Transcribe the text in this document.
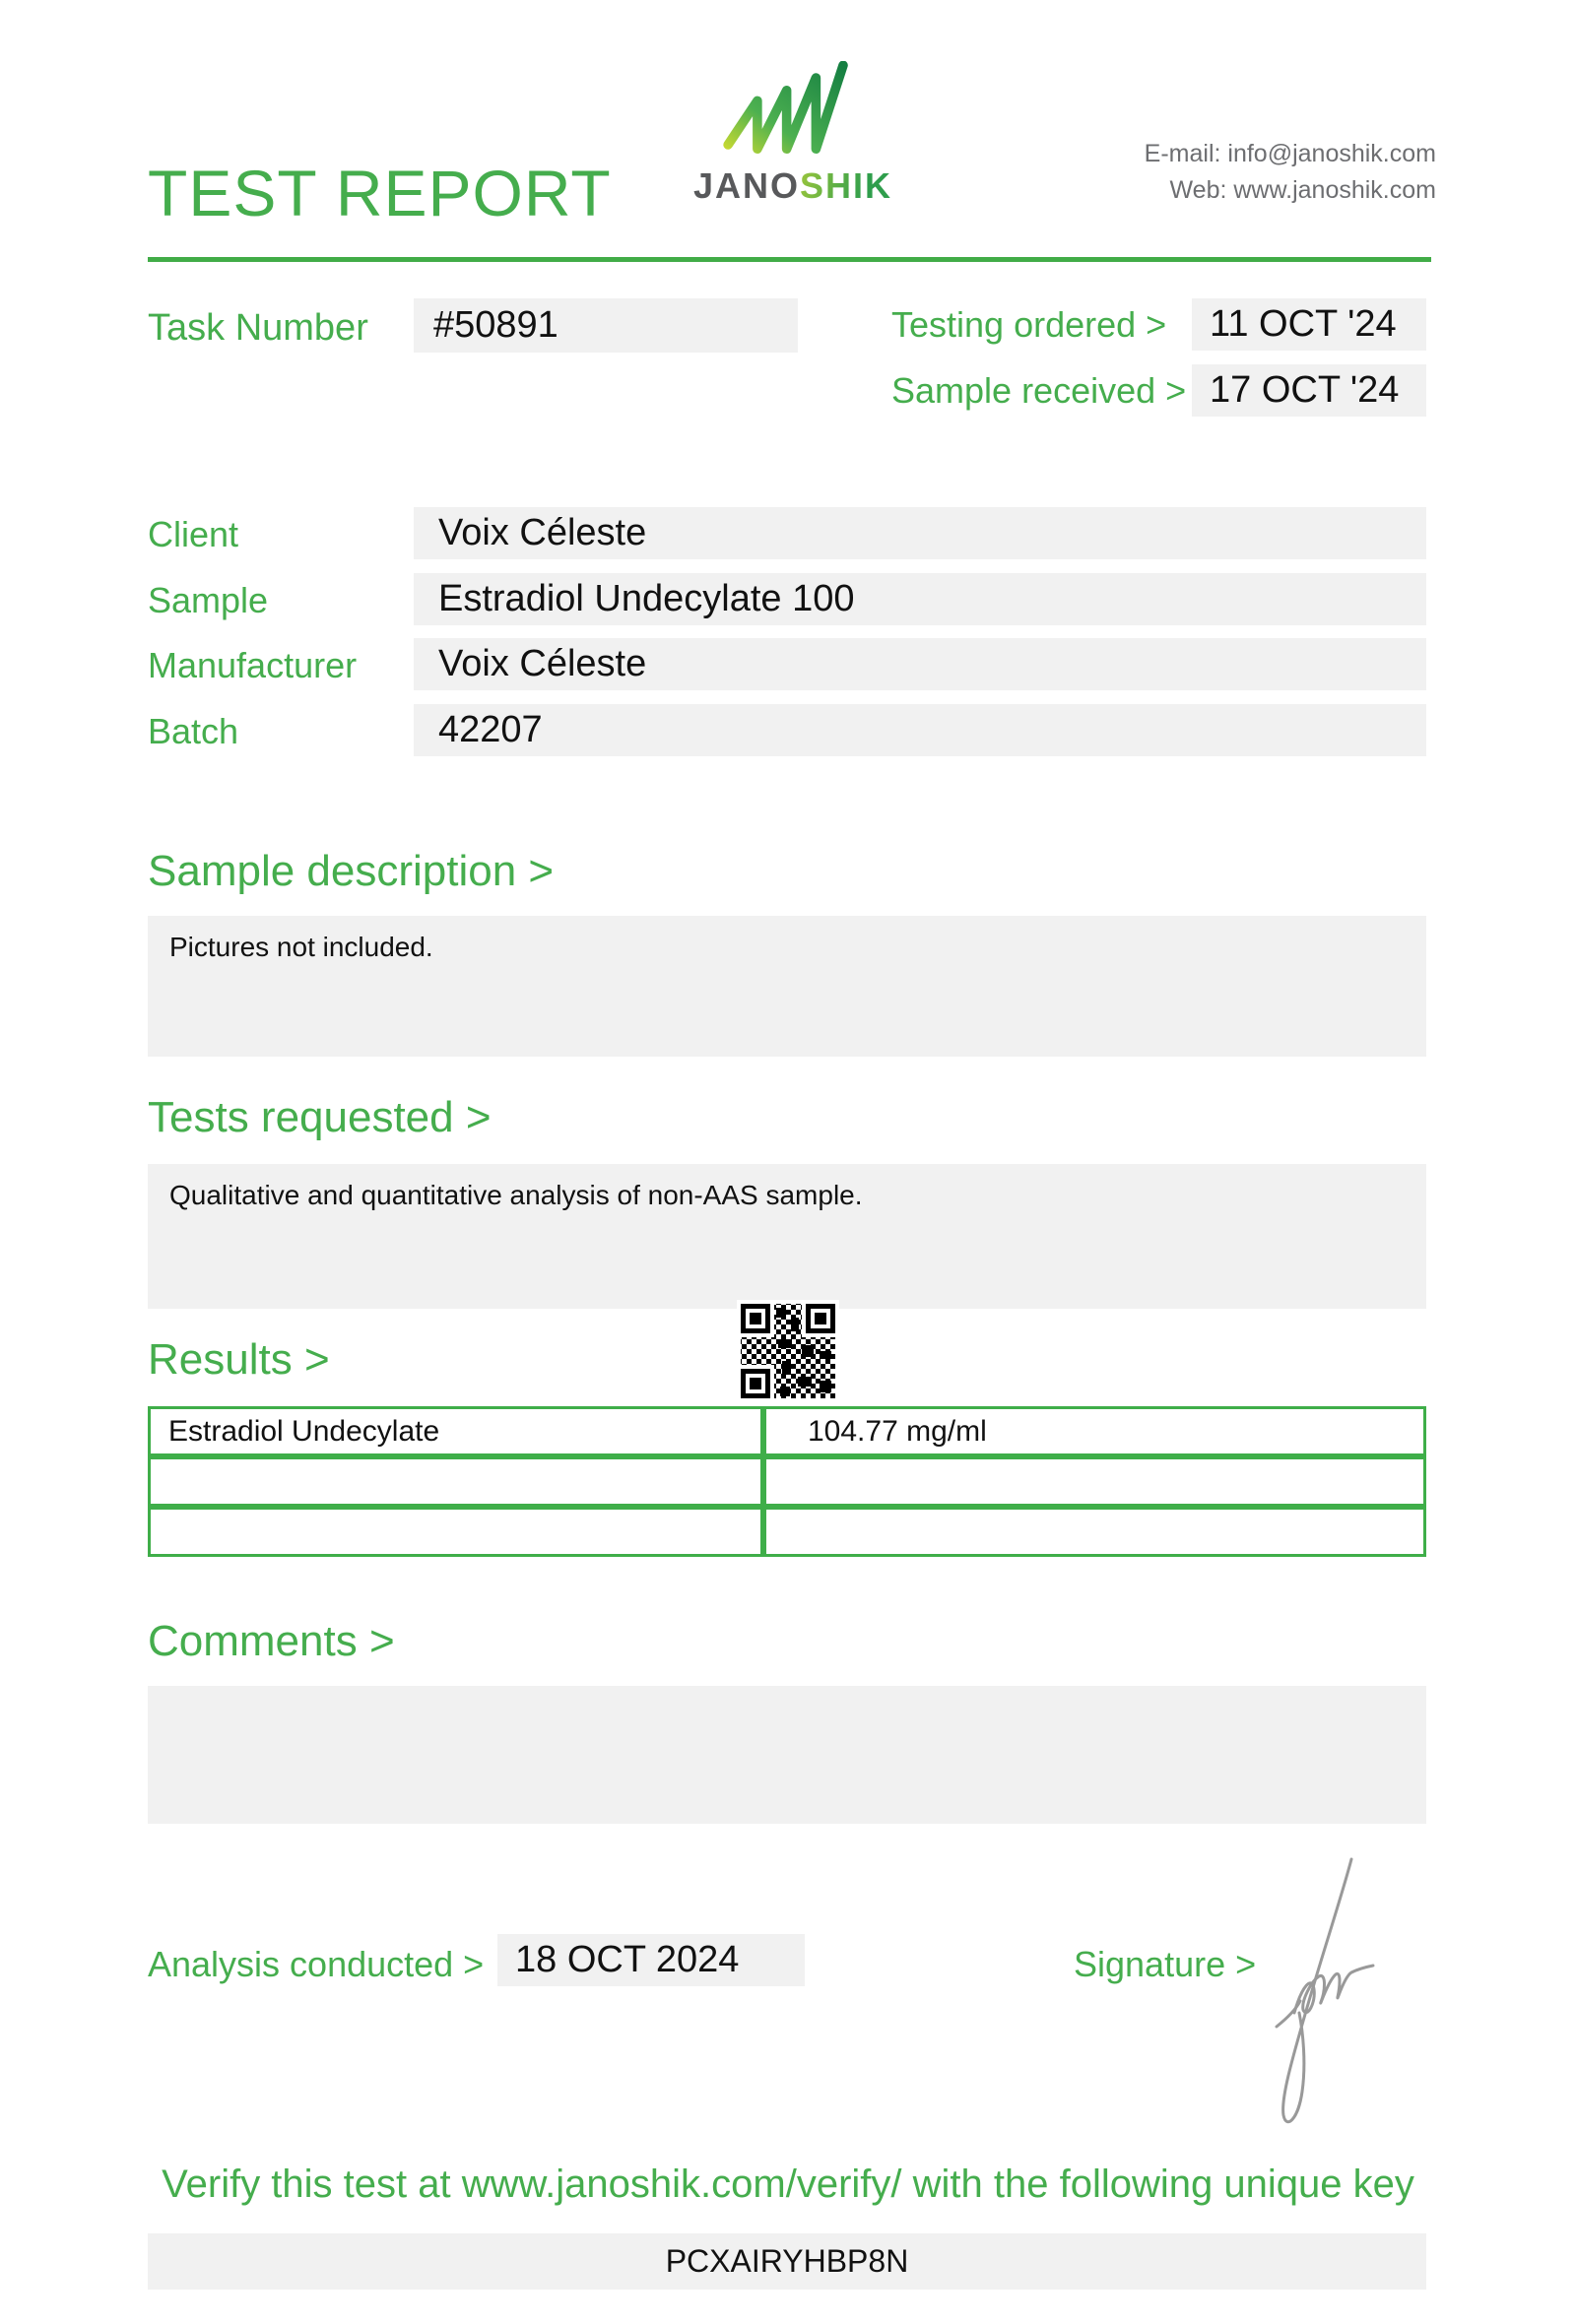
TEST REPORT JANOSHIK
E-mail: info@janoshik.com
Web: www.janoshik.com
Task Number	#50891	Testing ordered >	11 OCT '24
Sample received > 17 OCT '24
Client	Voix Céleste
Sample	Estradiol Undecylate 100
Manufacturer	Voix Céleste
Batch	42207
Sample description >
Pictures not included.
Tests requested >
Qualitative and quantitative analysis of non-AAS sample.
Results >
Estradiol Undecylate	104.77 mg/ml

Comments >
Analysis conducted > 18 OCT 2024	Signature >
Verify this test at www.janoshik.com/verify/ with the following unique key
PCXAIRYHBP8N
